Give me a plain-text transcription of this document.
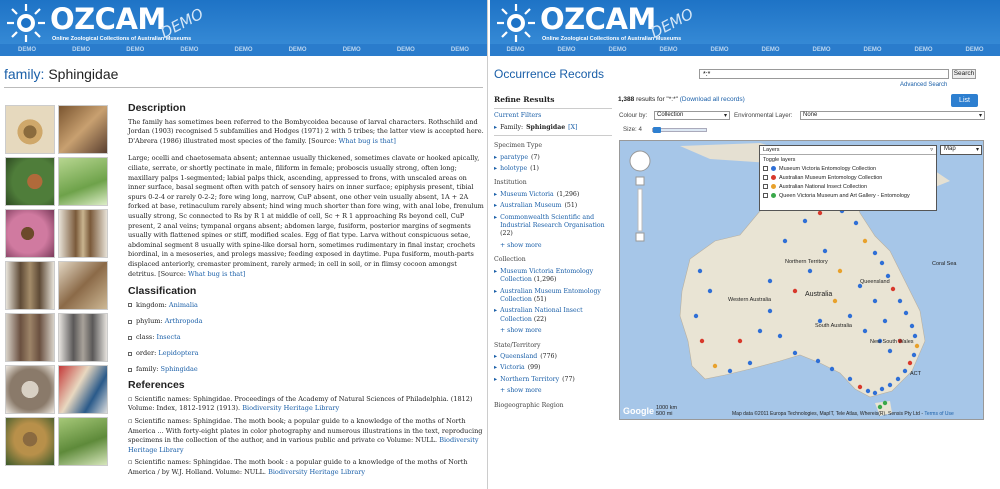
OZCAM
Online Zoological Collections of Australian Museums
DEMO
DEMO	DEMO	DEMO	DEMO	DEMO	DEMO	DEMO	DEMO	DEMO
family: Sphingidae
Description

The family has sometimes been referred to the Bombycoidea because of larval characters. Rothschild and Jordan (1903) recognised 5 subfamilies and Hodges (1971) 2 with 5 tribes; the latter view is accepted here. D'Abrera (1986) illustrated most species of the family. [Source: What bug is that]

Large; ocelli and chaetosemata absent; antennae usually thickened, sometimes clavate or hooked apically, ciliate, serrate, or shortly pectinate in male, filiform in female; proboscis usually strong, often long; maxillary palps 1-segmented; labial palps thick, ascending, appressed to frons, with unscaled areas on inner surface, basal segment often with patch of sensory hairs on inner surface; epiphysis present, tibial spurs 0-2-4 or rarely 0-2-2; fore wing long, narrow, CuP absent, one other vein usually absent, 1A + 2A forked at base, retinaculum rarely absent; hind wing much shorter than fore wing, with anal lobe, frenulum usually strong, Sc connected to Rs by R 1 at middle of cell, Sc + R 1 approaching Rs beyond cell, CuP present, 2 anal veins; tympanal organs absent; abdomen large, fusiform, posterior margins of segments usually with flattened spines or stiff, modified scales. Egg of flat type. Larva without conspicuous setae, abdominal segment 8 usually with spine-like dorsal horn, sometimes rudimentary in final instar, crochets biordinal, in a mesoseries, and prolegs massive; feeding exposed in daytime. Pupa fusiform, mouth-parts displaced anteriorly, cremaster prominent, rarely armed; in cell in soil, or in flimsy cocoon amongst detritus. [Source: What bug is that]

Classification
kingdom:
Animalia
phylum:
Arthropoda
class:
Insecta
order:
Lepidoptera
family:
Sphingidae
References
▫ Scientific names: Sphingidae. Proceedings of the Academy of Natural Sciences of Philadelphia. (1812) Volume: Index, 1812-1912 (1913). Biodiversity Heritage Library
▫ Scientific names: Sphingidae. The moth book; a popular guide to a knowledge of the moths of North America ... With forty-eight plates in color photography and numerous illustrations in the text, reproducing specimens in the collection of the author, and in various public and private co Volume: NULL. Biodiversity Heritage Library
▫ Scientific names: Sphingidae. The moth book : a popular guide to a knowledge of the moths of North America / by W.J. Holland. Volume: NULL. Biodiversity Heritage Library
OZCAM
Online Zoological Collections of Australian Museums
DEMO
DEMO	DEMO	DEMO	DEMO	DEMO	DEMO	DEMO	DEMO	DEMO	DEMO
Occurrence Records
*:*	Search
Advanced Search
Refine Results
Current Filters
▸ Family: Sphingidae [X]
Specimen Type
▸ paratype (7)
▸ holotype (1)
Institution
▸ Museum Victoria (1,296)
▸ Australian Museum (51)
▸ Commonwealth Scientific and Industrial Research Organisation (22)
+ show more
Collection
▸ Museum Victoria Entomology Collection (1,296)
▸ Australian Museum Entomology Collection (51)
▸ Australian National Insect Collection (22)
+ show more
State/Territory
▸ Queensland (776)
▸ Victoria (99)
▸ Northern Territory (77)
+ show more
Biogeographic Region
1,388 results for "*:*" (Download all records)	List
Colour by:	Collection	▾ Environmental Layer:	None	▾
Size: 4
Layers	▿
Toggle layers
Museum Victoria Entomology Collection
Australian Museum Entomology Collection
Australian National Insect Collection
Queen Victoria Museum and Art Gallery - Entomology
Map	▾
Northern Territory
Australia
Queensland
Western Australia
South Australia
New South Wales
ACT
Coral Sea
Google 1000 km
500 mi	Map data ©2011 Europa Technologies, MapIT, Tele Atlas, Whereis(R), Sensis Pty Ltd - Terms of Use
